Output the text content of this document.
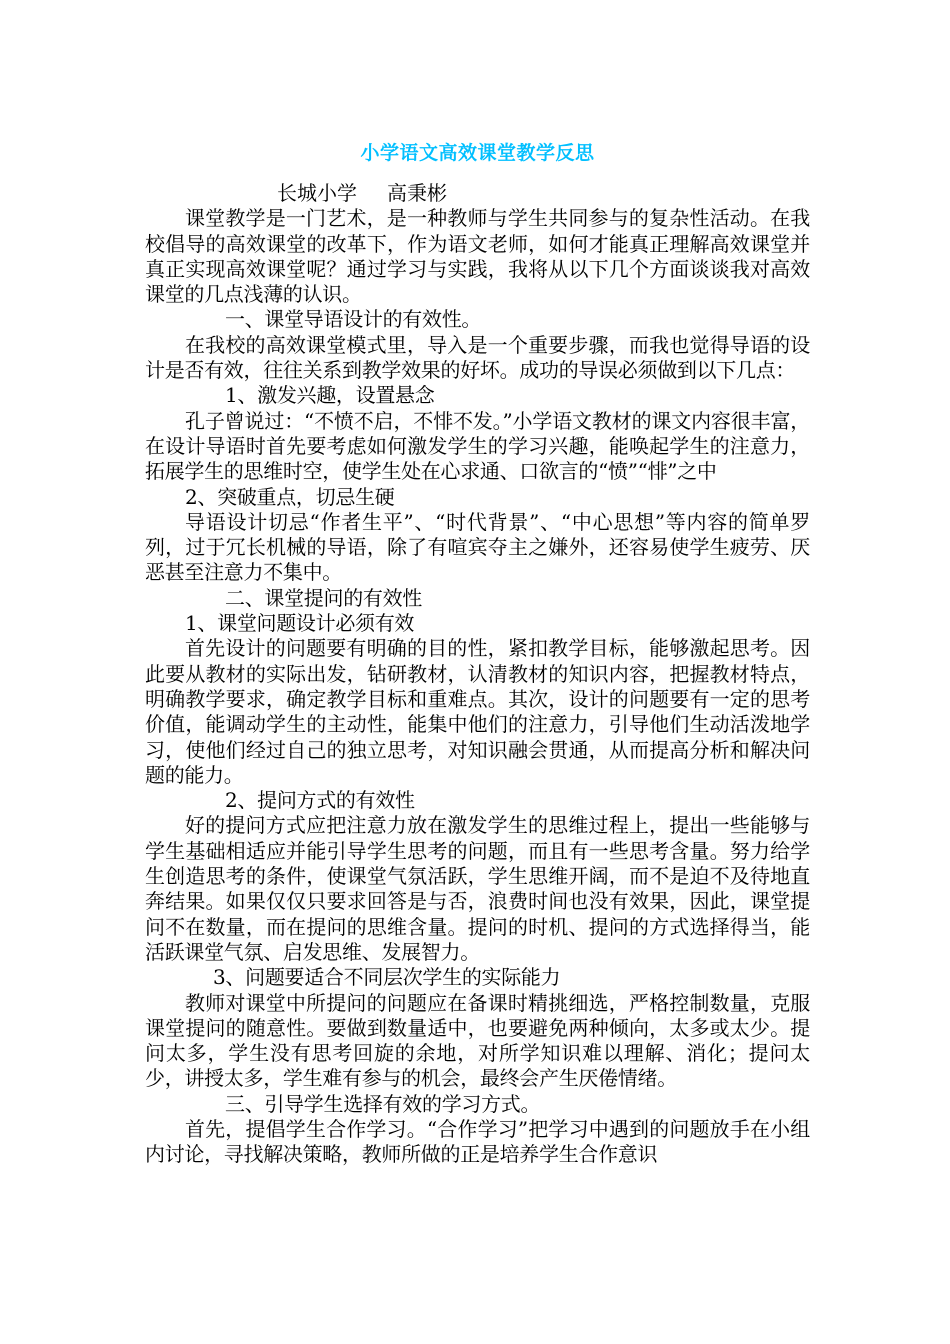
小学语文高效课堂教学反思
长城小学 高秉彬

课堂教学是一门艺术，是一种教师与学生共同参与的复杂性活动。在我校倡导的高效课堂的改革下，作为语文老师，如何才能真正理解高效课堂并真正实现高效课堂呢？通过学习与实践，我将从以下几个方面谈谈我对高效课堂的几点浅薄的认识。

一、课堂导语设计的有效性。

在我校的高效课堂模式里，导入是一个重要步骤，而我也觉得导语的设计是否有效，往往关系到教学效果的好坏。成功的导误必须做到以下几点：

1、激发兴趣，设置悬念

孔子曾说过：“不愤不启，不悱不发。”小学语文教材的课文内容很丰富，在设计导语时首先要考虑如何激发学生的学习兴趣，能唤起学生的注意力，拓展学生的思维时空，使学生处在心求通、口欲言的“愤”“悱”之中

2、突破重点，切忌生硬

导语设计切忌“作者生平”、“时代背景”、“中心思想”等内容的简单罗列，过于冗长机械的导语，除了有喧宾夺主之嫌外，还容易使学生疲劳、厌恶甚至注意力不集中。

二、课堂提问的有效性

1、课堂问题设计必须有效

首先设计的问题要有明确的目的性，紧扣教学目标，能够激起思考。因此要从教材的实际出发，钻研教材，认清教材的知识内容，把握教材特点，明确教学要求，确定教学目标和重难点。其次，设计的问题要有一定的思考价值，能调动学生的主动性，能集中他们的注意力，引导他们生动活泼地学习，使他们经过自己的独立思考，对知识融会贯通，从而提高分析和解决问题的能力。

2、提问方式的有效性

好的提问方式应把注意力放在激发学生的思维过程上，提出一些能够与学生基础相适应并能引导学生思考的问题，而且有一些思考含量。努力给学生创造思考的条件，使课堂气氛活跃，学生思维开阔，而不是迫不及待地直奔结果。如果仅仅只要求回答是与否，浪费时间也没有效果，因此，课堂提问不在数量，而在提问的思维含量。提问的时机、提问的方式选择得当，能活跃课堂气氛、启发思维、发展智力。

3、问题要适合不同层次学生的实际能力

教师对课堂中所提问的问题应在备课时精挑细选，严格控制数量，克服课堂提问的随意性。要做到数量适中，也要避免两种倾向，太多或太少。提问太多，学生没有思考回旋的余地，对所学知识难以理解、消化；提问太少，讲授太多，学生难有参与的机会，最终会产生厌倦情绪。

三、引导学生选择有效的学习方式。

首先，提倡学生合作学习。“合作学习”把学习中遇到的问题放手在小组内讨论，寻找解决策略，教师所做的正是培养学生合作意识
